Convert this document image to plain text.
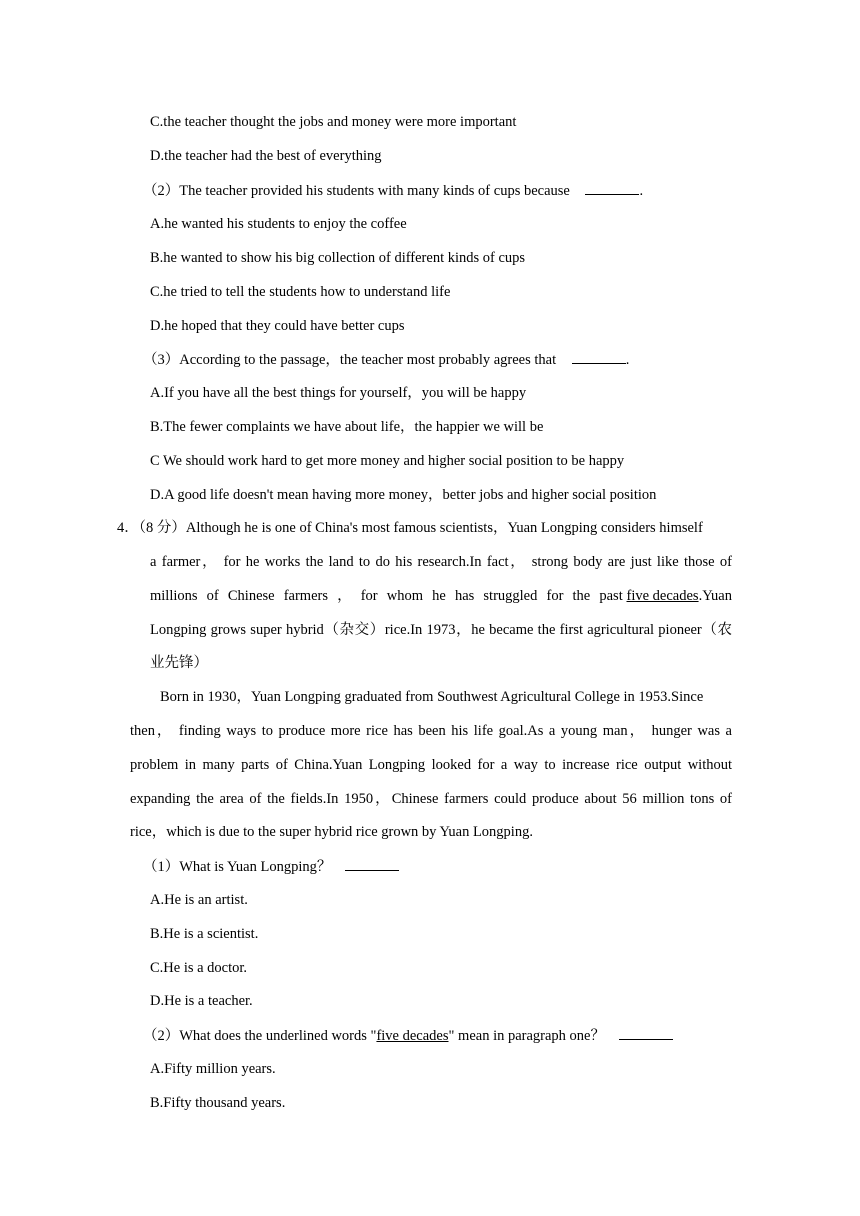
C.the teacher thought the jobs and money were more important
D.the teacher had the best of everything
（2）The teacher provided his students with many kinds of cups because	.
A.he wanted his students to enjoy the coffee
B.he wanted to show his big collection of different kinds of cups
C.he tried to tell the students how to understand life
D.he hoped that they could have better cups
（3）According to the passage，the teacher most probably agrees that	.
A.If you have all the best things for yourself，you will be happy
B.The fewer complaints we have about life，the happier we will be
C We should work hard to get more money and higher social position to be happy
D.A good life doesn't mean having more money，better jobs and higher social position
4．（8 分）Although he is one of China's most famous scientists，Yuan Longping considers himself
a farmer， for he works the land to do his research.In fact， strong body are just like those of
millions of Chinese farmers ， for whom he has struggled for the past five decades.Yuan
Longping grows super hybrid（杂交）rice.In 1973，he became the first agricultural pioneer（农
业先锋）
Born in 1930，Yuan Longping graduated from Southwest Agricultural College in 1953.Since
then， finding ways to produce more rice has been his life goal.As a young man， hunger was a
problem in many parts of China.Yuan Longping looked for a way to increase rice output without
expanding the area of the fields.In 1950，Chinese farmers could produce about 56 million tons of
rice，which is due to the super hybrid rice grown by Yuan Longping.
（1）What is Yuan Longping？
A.He is an artist.
B.He is a scientist.
C.He is a doctor.
D.He is a teacher.
（2）What does the underlined words "five decades" mean in paragraph one？
A.Fifty million years.
B.Fifty thousand years.
